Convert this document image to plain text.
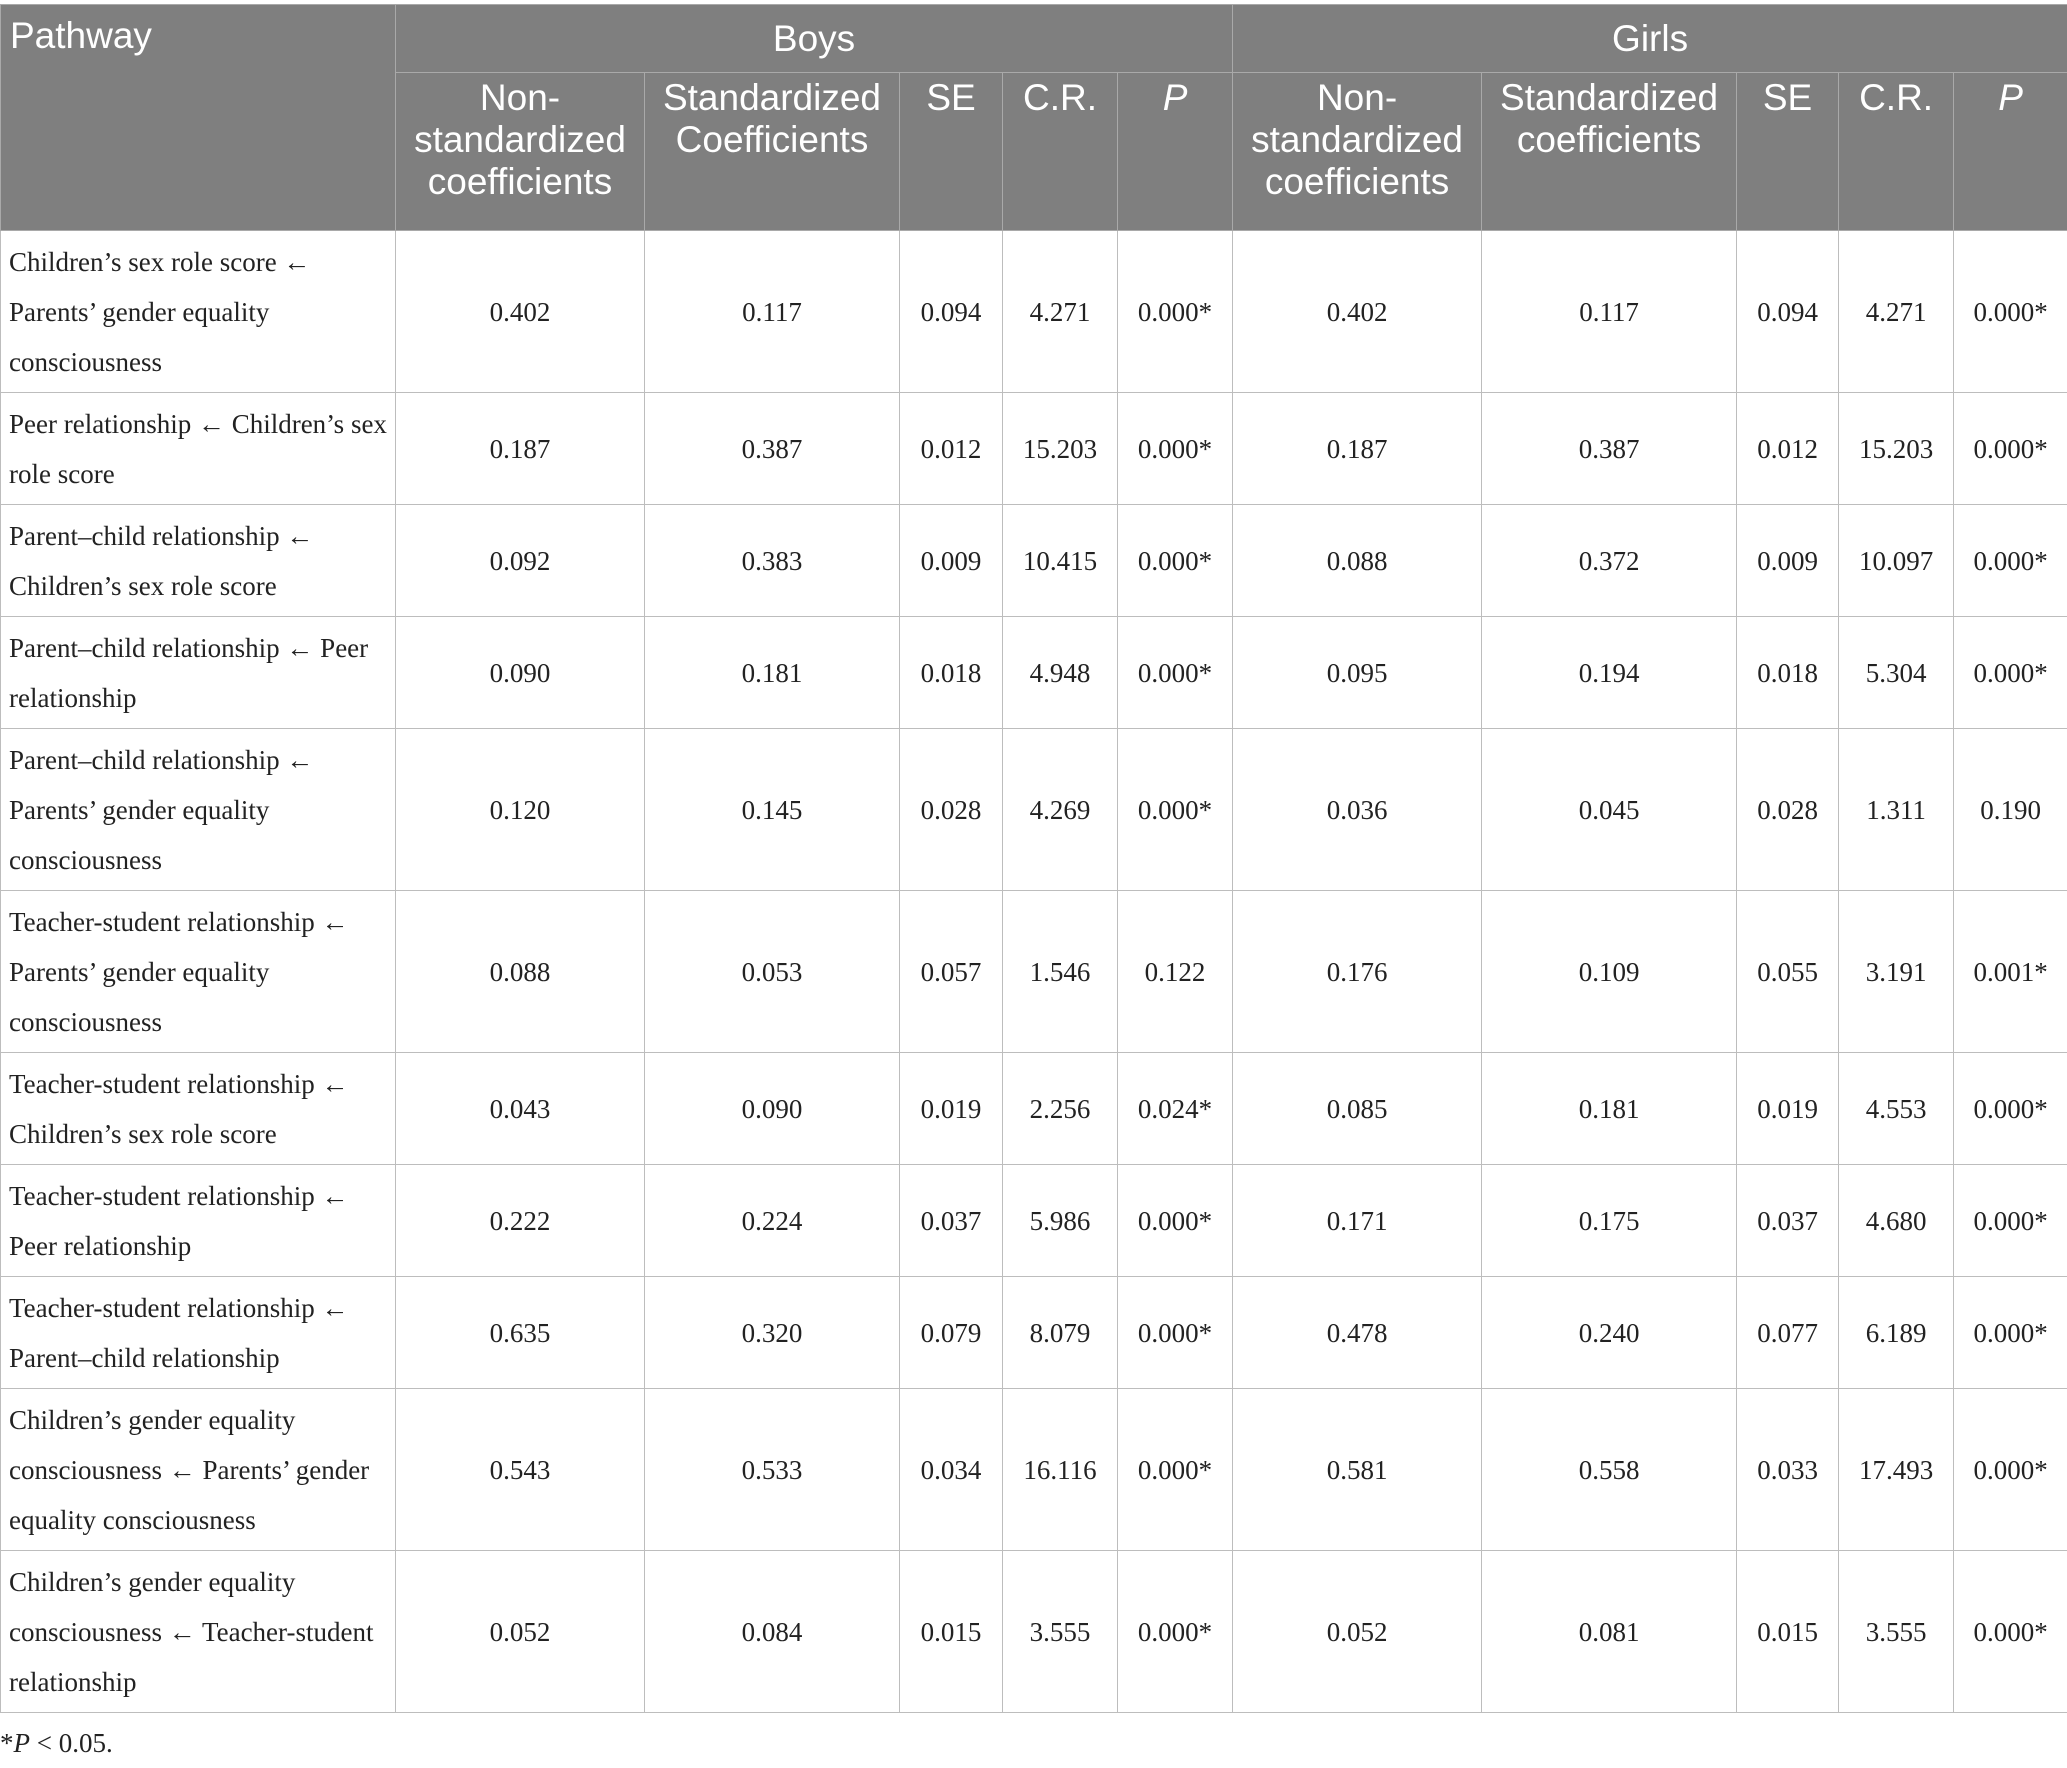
Pathway	Boys					Girls				
	Non-standardized coefficients	Standardized Coefficients	SE	C.R.	P	Non-standardized coefficients	Standardized coefficients	SE	C.R.	P
Children’s sex role score ← Parents’ gender equality consciousness	0.402	0.117	0.094	4.271	0.000*	0.402	0.117	0.094	4.271	0.000*
Peer relationship ← Children’s sex role score	0.187	0.387	0.012	15.203	0.000*	0.187	0.387	0.012	15.203	0.000*
Parent–child relationship ← Children’s sex role score	0.092	0.383	0.009	10.415	0.000*	0.088	0.372	0.009	10.097	0.000*
Parent–child relationship ← Peer relationship	0.090	0.181	0.018	4.948	0.000*	0.095	0.194	0.018	5.304	0.000*
Parent–child relationship ← Parents’ gender equality consciousness	0.120	0.145	0.028	4.269	0.000*	0.036	0.045	0.028	1.311	0.190
Teacher-student relationship ← Parents’ gender equality consciousness	0.088	0.053	0.057	1.546	0.122	0.176	0.109	0.055	3.191	0.001*
Teacher-student relationship ← Children’s sex role score	0.043	0.090	0.019	2.256	0.024*	0.085	0.181	0.019	4.553	0.000*
Teacher-student relationship ← Peer relationship	0.222	0.224	0.037	5.986	0.000*	0.171	0.175	0.037	4.680	0.000*
Teacher-student relationship ← Parent–child relationship	0.635	0.320	0.079	8.079	0.000*	0.478	0.240	0.077	6.189	0.000*
Children’s gender equality consciousness ← Parents’ gender equality consciousness	0.543	0.533	0.034	16.116	0.000*	0.581	0.558	0.033	17.493	0.000*
Children’s gender equality consciousness ← Teacher-student relationship	0.052	0.084	0.015	3.555	0.000*	0.052	0.081	0.015	3.555	0.000*
*P < 0.05.
